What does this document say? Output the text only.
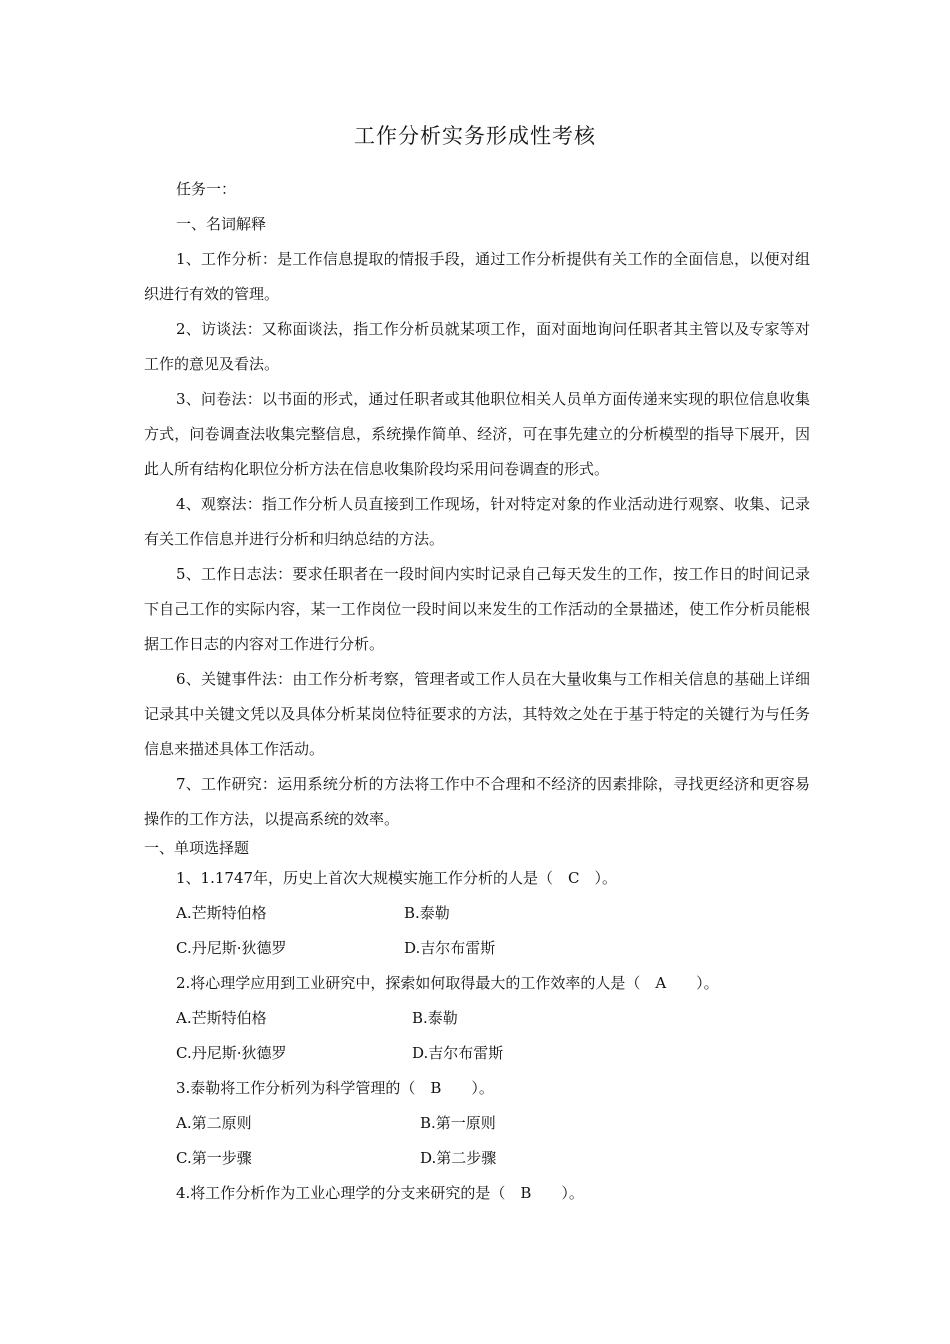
工作分析实务形成性考核

任务一：

一、名词解释

1、工作分析：是工作信息提取的情报手段，通过工作分析提供有关工作的全面信息，以便对组织进行有效的管理。

2、访谈法：又称面谈法，指工作分析员就某项工作，面对面地询问任职者其主管以及专家等对工作的意见及看法。

3、问卷法：以书面的形式，通过任职者或其他职位相关人员单方面传递来实现的职位信息收集方式，问卷调查法收集完整信息，系统操作简单、经济，可在事先建立的分析模型的指导下展开，因此人所有结构化职位分析方法在信息收集阶段均采用问卷调查的形式。

4、观察法：指工作分析人员直接到工作现场，针对特定对象的作业活动进行观察、收集、记录有关工作信息并进行分析和归纳总结的方法。

5、工作日志法：要求任职者在一段时间内实时记录自己每天发生的工作，按工作日的时间记录下自己工作的实际内容，某一工作岗位一段时间以来发生的工作活动的全景描述，使工作分析员能根据工作日志的内容对工作进行分析。

6、关键事件法：由工作分析考察，管理者或工作人员在大量收集与工作相关信息的基础上详细记录其中关键文凭以及具体分析某岗位特征要求的方法，其特效之处在于基于特定的关键行为与任务信息来描述具体工作活动。

7、工作研究：运用系统分析的方法将工作中不合理和不经济的因素排除，寻找更经济和更容易操作的工作方法，以提高系统的效率。

一、单项选择题

1、1.1747年，历史上首次大规模实施工作分析的人是（　C　）。

A.芒斯特伯格	B.泰勒
C.丹尼斯·狄德罗	D.吉尔布雷斯

2.将心理学应用到工业研究中，探索如何取得最大的工作效率的人是（　A　　）。

A.芒斯特伯格	B.泰勒
C.丹尼斯·狄德罗	D.吉尔布雷斯

3.泰勒将工作分析列为科学管理的（　B　　）。

A.第二原则	B.第一原则
C.第一步骤	D.第二步骤

4.将工作分析作为工业心理学的分支来研究的是（　B　　）。
